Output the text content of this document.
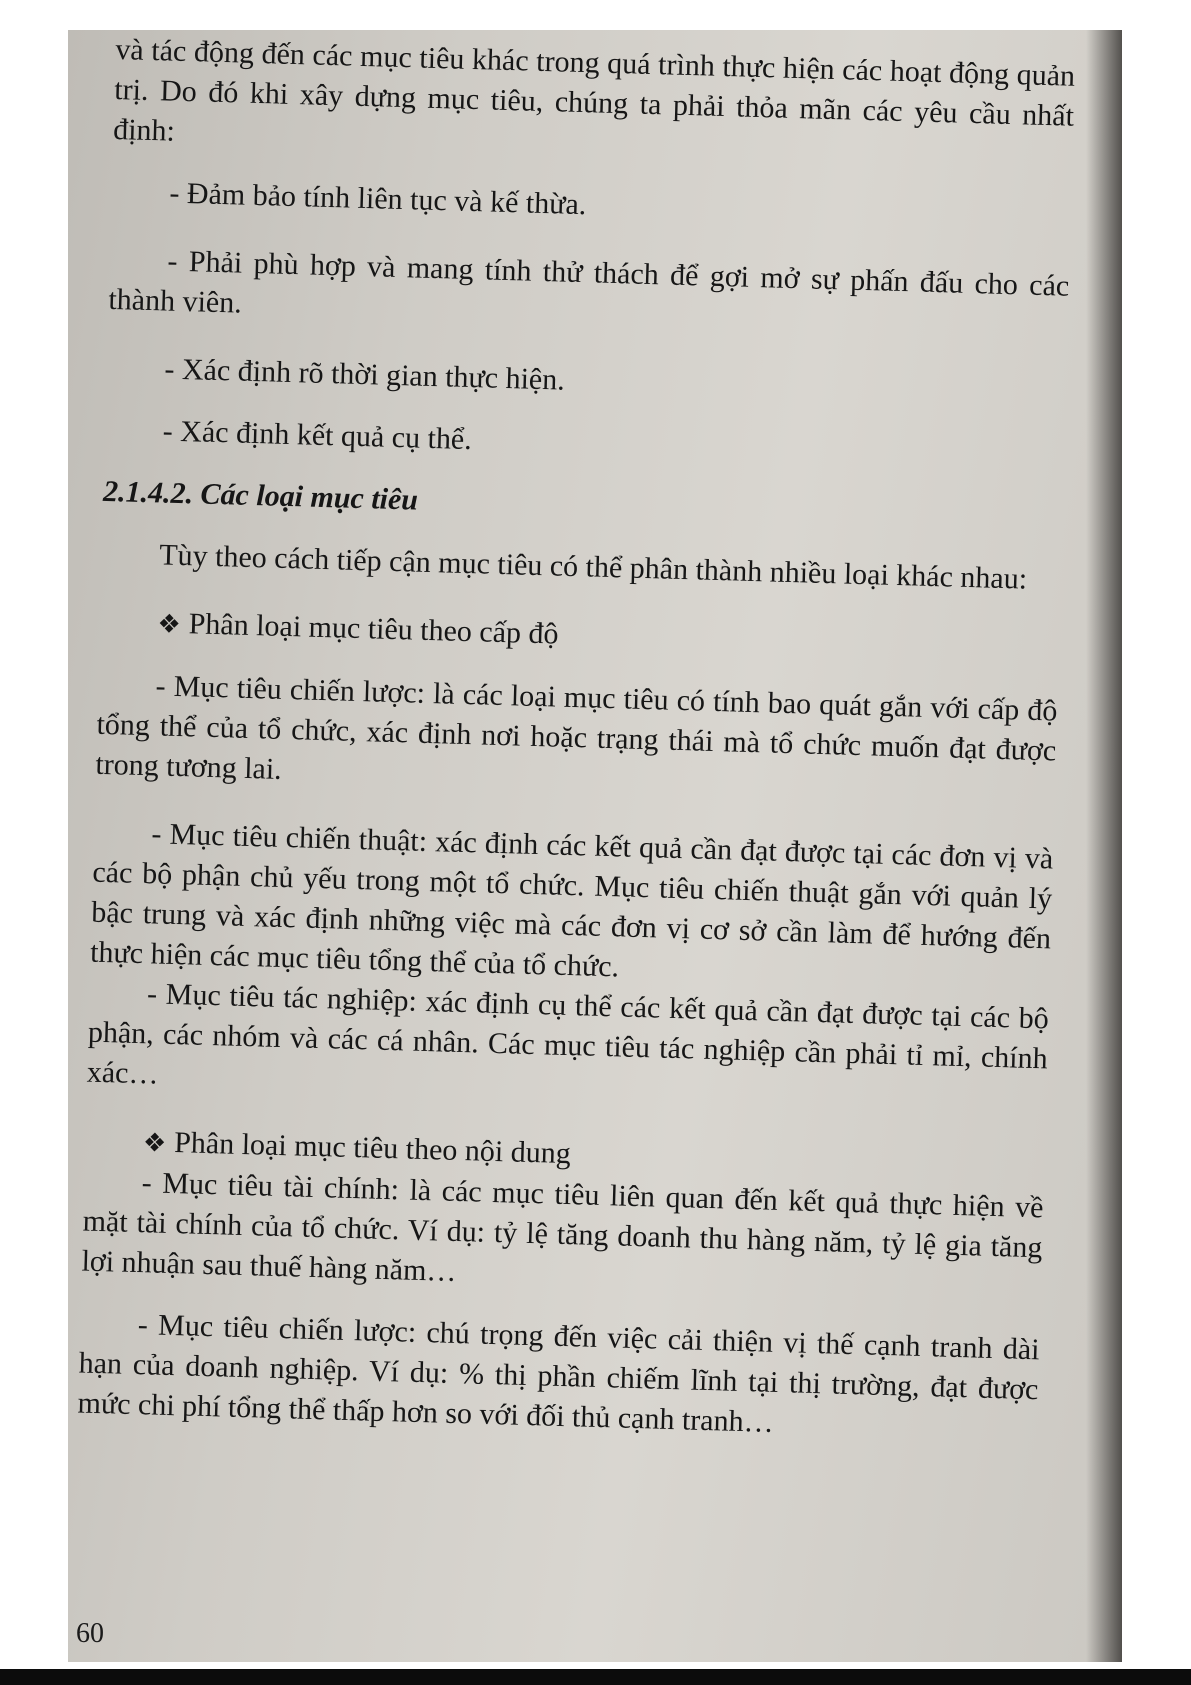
và tác động đến các mục tiêu khác trong quá trình thực hiện các hoạt động quản trị. Do đó khi xây dựng mục tiêu, chúng ta phải thỏa mãn các yêu cầu nhất định:

- Đảm bảo tính liên tục và kế thừa.

- Phải phù hợp và mang tính thử thách để gợi mở sự phấn đấu cho các thành viên.

- Xác định rõ thời gian thực hiện.

- Xác định kết quả cụ thể.

2.1.4.2. Các loại mục tiêu

Tùy theo cách tiếp cận mục tiêu có thể phân thành nhiều loại khác nhau:

❖ Phân loại mục tiêu theo cấp độ

- Mục tiêu chiến lược: là các loại mục tiêu có tính bao quát gắn với cấp độ tổng thể của tổ chức, xác định nơi hoặc trạng thái mà tổ chức muốn đạt được trong tương lai.

- Mục tiêu chiến thuật: xác định các kết quả cần đạt được tại các đơn vị và các bộ phận chủ yếu trong một tổ chức. Mục tiêu chiến thuật gắn với quản lý bậc trung và xác định những việc mà các đơn vị cơ sở cần làm để hướng đến thực hiện các mục tiêu tổng thể của tổ chức.

- Mục tiêu tác nghiệp: xác định cụ thể các kết quả cần đạt được tại các bộ phận, các nhóm và các cá nhân. Các mục tiêu tác nghiệp cần phải tỉ mỉ, chính xác…

❖ Phân loại mục tiêu theo nội dung

- Mục tiêu tài chính: là các mục tiêu liên quan đến kết quả thực hiện về mặt tài chính của tổ chức. Ví dụ: tỷ lệ tăng doanh thu hàng năm, tỷ lệ gia tăng lợi nhuận sau thuế hàng năm…

- Mục tiêu chiến lược: chú trọng đến việc cải thiện vị thế cạnh tranh dài hạn của doanh nghiệp. Ví dụ: % thị phần chiếm lĩnh tại thị trường, đạt được mức chi phí tổng thể thấp hơn so với đối thủ cạnh tranh…

60
